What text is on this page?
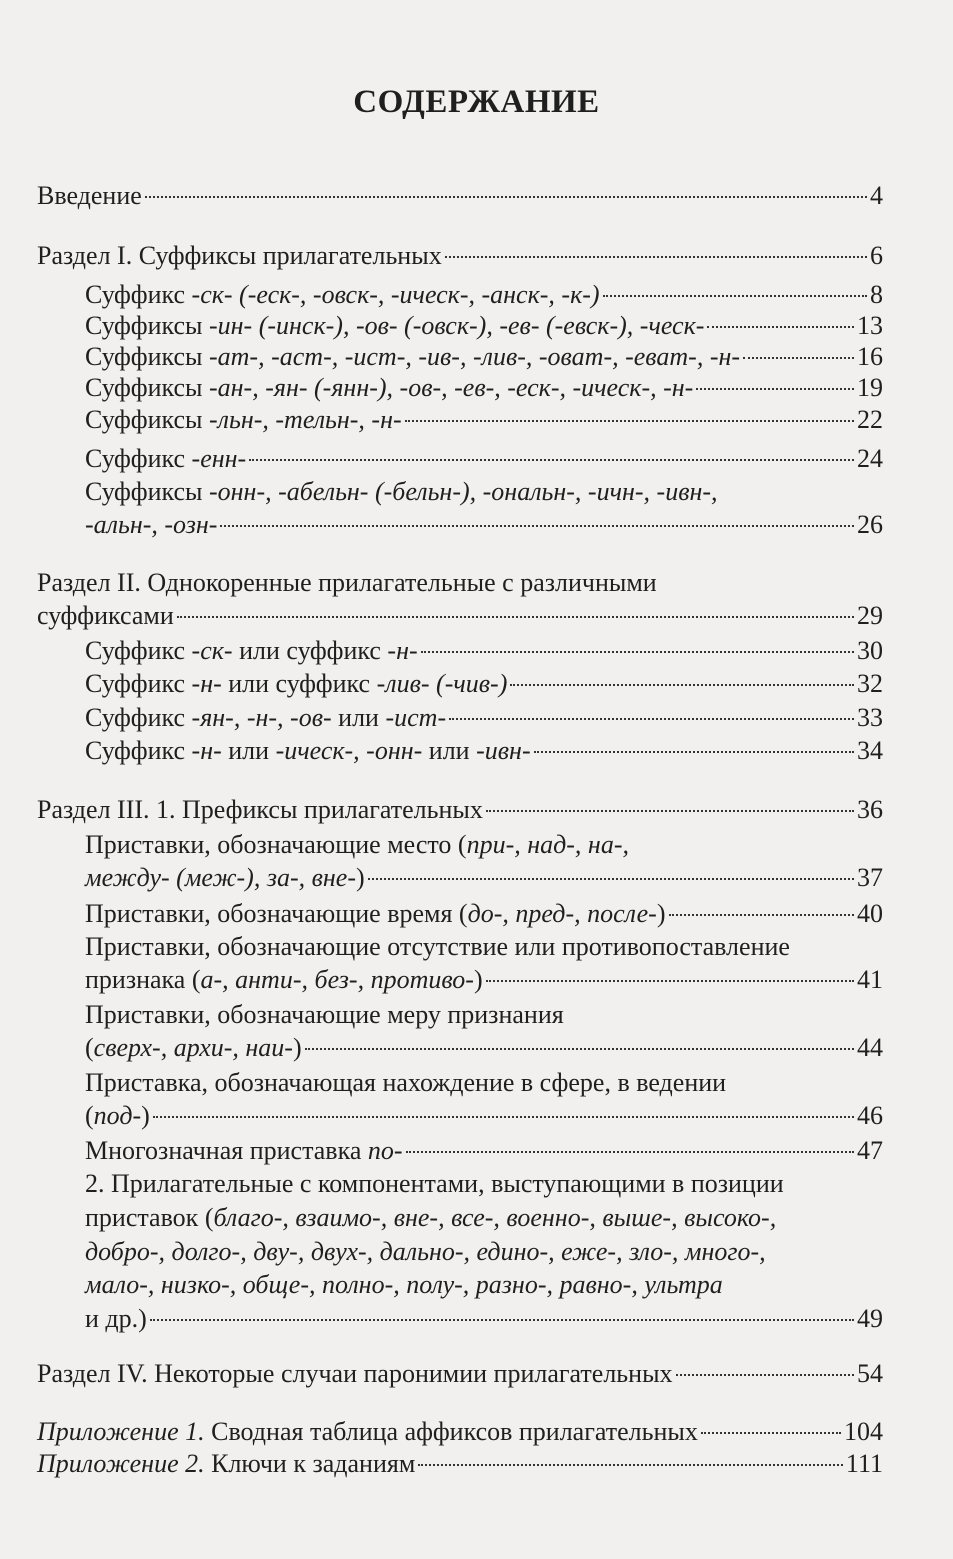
СОДЕРЖАНИЕ
Введение	4
Раздел I. Суффиксы прилагательных	6
Суффикс -ск- (-еск-, -овск-, -ическ-, -анск-, -к-)	8
Суффиксы -ин- (-инск-), -ов- (-овск-), -ев- (-евск-), -ческ-	13
Суффиксы -ат-, -аст-, -ист-, -ив-, -лив-, -оват-, -еват-, -н-	16
Суффиксы -ан-, -ян- (-янн-), -ов-, -ев-, -еск-, -ическ-, -н-	19
Суффиксы -льн-, -тельн-, -н-	22
Суффикс -енн-	24
Суффиксы -онн-, -абельн- (-бельн-), -ональн-, -ичн-, -ивн-,
-альн-, -озн-	26
Раздел II. Однокоренные прилагательные с различными
суффиксами	29
Суффикс -ск- или суффикс -н-	30
Суффикс -н- или суффикс -лив- (-чив-)	32
Суффикс -ян-, -н-, -ов- или -ист-	33
Суффикс -н- или -ическ-, -онн- или -ивн-	34
Раздел III. 1. Префиксы прилагательных	36
Приставки, обозначающие место (при-, над-, на-,
между- (меж-), за-, вне-)	37
Приставки, обозначающие время (до-, пред-, после-)	40
Приставки, обозначающие отсутствие или противопоставление
признака (а-, анти-, без-, противо-)	41
Приставки, обозначающие меру признания
(сверх-, архи-, наи-)	44
Приставка, обозначающая нахождение в сфере, в ведении
(под-)	46
Многозначная приставка по-	47
2. Прилагательные с компонентами, выступающими в позиции
приставок (благо-, взаимо-, вне-, все-, военно-, выше-, высоко-,
добро-, долго-, дву-, двух-, дально-, едино-, еже-, зло-, много-,
мало-, низко-, обще-, полно-, полу-, разно-, равно-, ультра
и др.)	49
Раздел IV. Некоторые случаи паронимии прилагательных	54
Приложение 1. Сводная таблица аффиксов прилагательных	104
Приложение 2. Ключи к заданиям	111
